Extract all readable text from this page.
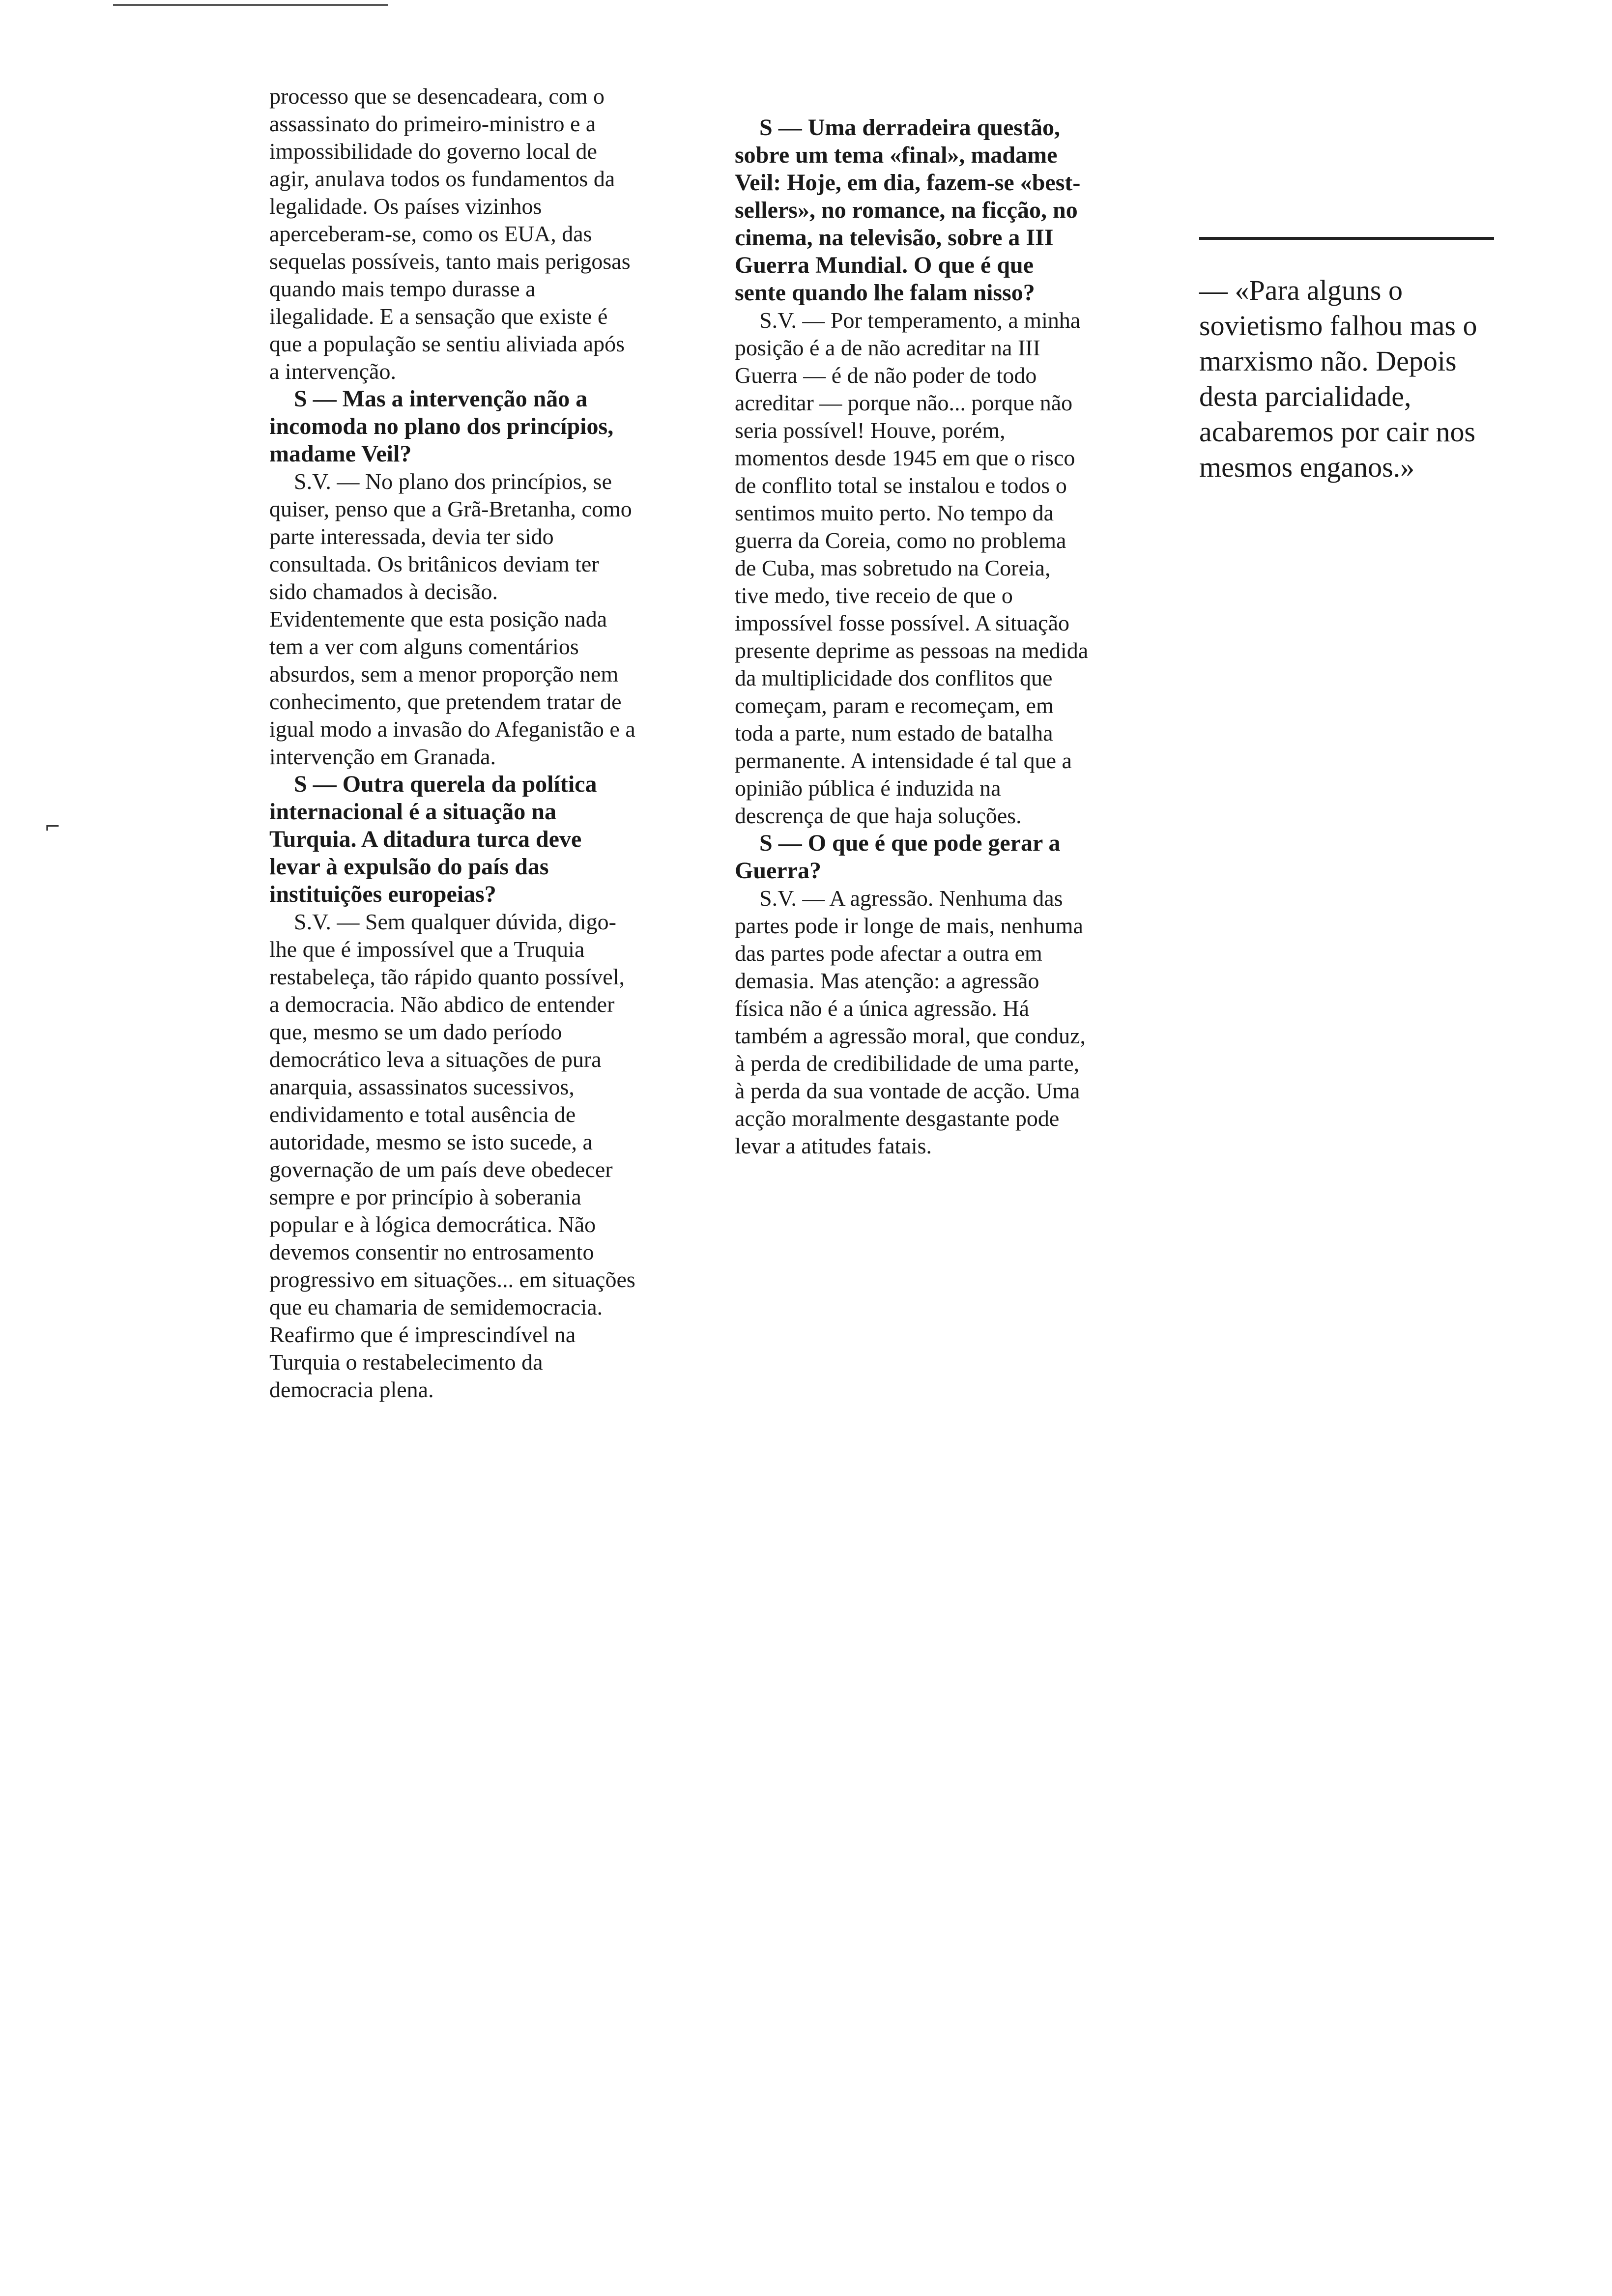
processo que se desencadeara, com o assassinato do primeiro-ministro e a impossibilidade do governo local de agir, anulava todos os fundamentos da legalidade. Os países vizinhos aperceberam-se, como os EUA, das sequelas possíveis, tanto mais perigosas quando mais tempo durasse a ilegalidade. E a sensação que existe é que a população se sentiu aliviada após a intervenção.
S — Mas a intervenção não a incomoda no plano dos princípios, madame Veil?
S.V. — No plano dos princípios, se quiser, penso que a Grã-Bretanha, como parte interessada, devia ter sido consultada. Os britânicos deviam ter sido chamados à decisão. Evidentemente que esta posição nada tem a ver com alguns comentários absurdos, sem a menor proporção nem conhecimento, que pretendem tratar de igual modo a invasão do Afeganistão e a intervenção em Granada.
S — Outra querela da política internacional é a situação na Turquia. A ditadura turca deve levar à expulsão do país das instituições europeias?
S.V. — Sem qualquer dúvida, digo-lhe que é impossível que a Truquia restabeleça, tão rápido quanto possível, a democracia. Não abdico de entender que, mesmo se um dado período democrático leva a situações de pura anarquia, assassinatos sucessivos, endividamento e total ausência de autoridade, mesmo se isto sucede, a governação de um país deve obedecer sempre e por princípio à soberania popular e à lógica democrática. Não devemos consentir no entrosamento progressivo em situações... em situações que eu chamaria de semidemocracia. Reafirmo que é imprescindível na Turquia o restabelecimento da democracia plena.
S — Uma derradeira questão, sobre um tema «final», madame Veil: Hoje, em dia, fazem-se «best-sellers», no romance, na ficção, no cinema, na televisão, sobre a III Guerra Mundial. O que é que sente quando lhe falam nisso?
S.V. — Por temperamento, a minha posição é a de não acreditar na III Guerra — é de não poder de todo acreditar — porque não... porque não seria possível! Houve, porém, momentos desde 1945 em que o risco de conflito total se instalou e todos o sentimos muito perto. No tempo da guerra da Coreia, como no problema de Cuba, mas sobretudo na Coreia, tive medo, tive receio de que o impossível fosse possível. A situação presente deprime as pessoas na medida da multiplicidade dos conflitos que começam, param e recomeçam, em toda a parte, num estado de batalha permanente. A intensidade é tal que a opinião pública é induzida na descrença de que haja soluções.
S — O que é que pode gerar a Guerra?
S.V. — A agressão. Nenhuma das partes pode ir longe de mais, nenhuma das partes pode afectar a outra em demasia. Mas atenção: a agressão física não é a única agressão. Há também a agressão moral, que conduz, à perda de credibilidade de uma parte, à perda da sua vontade de acção. Uma acção moralmente desgastante pode levar a atitudes fatais.
— «Para alguns o sovietismo falhou mas o marxismo não. Depois desta parcialidade, acabaremos por cair nos mesmos enganos.»
⌐
